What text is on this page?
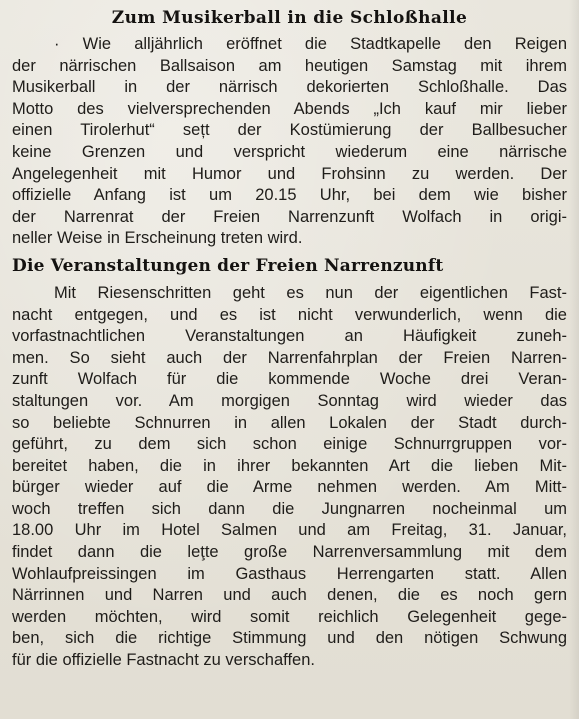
Zum Musikerball in die Schloßhalle
· Wie alljährlich eröffnet die Stadtkapelle den Reigen
der närrischen Ballsaison am heutigen Samstag mit ihrem
Musikerball in der närrisch dekorierten Schloßhalle. Das
Motto des vielversprechenden Abends „Ich kauf mir lieber
einen Tirolerhut“ sețt der Kostümierung der Ballbesucher
keine Grenzen und verspricht wiederum eine närrische
Angelegenheit mit Humor und Frohsinn zu werden. Der
offizielle Anfang ist um 20.15 Uhr, bei dem wie bisher
der Narrenrat der Freien Narrenzunft Wolfach in origi-
neller Weise in Erscheinung treten wird.
Die Veranstaltungen der Freien Narrenzunft
Mit Riesenschritten geht es nun der eigentlichen Fast-
nacht entgegen, und es ist nicht verwunderlich, wenn die
vorfastnachtlichen Veranstaltungen an Häufigkeit zuneh-
men. So sieht auch der Narrenfahrplan der Freien Narren-
zunft Wolfach für die kommende Woche drei Veran-
staltungen vor. Am morgigen Sonntag wird wieder das
so beliebte Schnurren in allen Lokalen der Stadt durch-
geführt, zu dem sich schon einige Schnurrgruppen vor-
bereitet haben, die in ihrer bekannten Art die lieben Mit-
bürger wieder auf die Arme nehmen werden. Am Mitt-
woch treffen sich dann die Jungnarren nocheinmal um
18.00 Uhr im Hotel Salmen und am Freitag, 31. Januar,
findet dann die leţte große Narrenversammlung mit dem
Wohlaufpreissingen im Gasthaus Herrengarten statt. Allen
Närrinnen und Narren und auch denen, die es noch gern
werden möchten, wird somit reichlich Gelegenheit gege-
ben, sich die richtige Stimmung und den nötigen Schwung
für die offizielle Fastnacht zu verschaffen.
